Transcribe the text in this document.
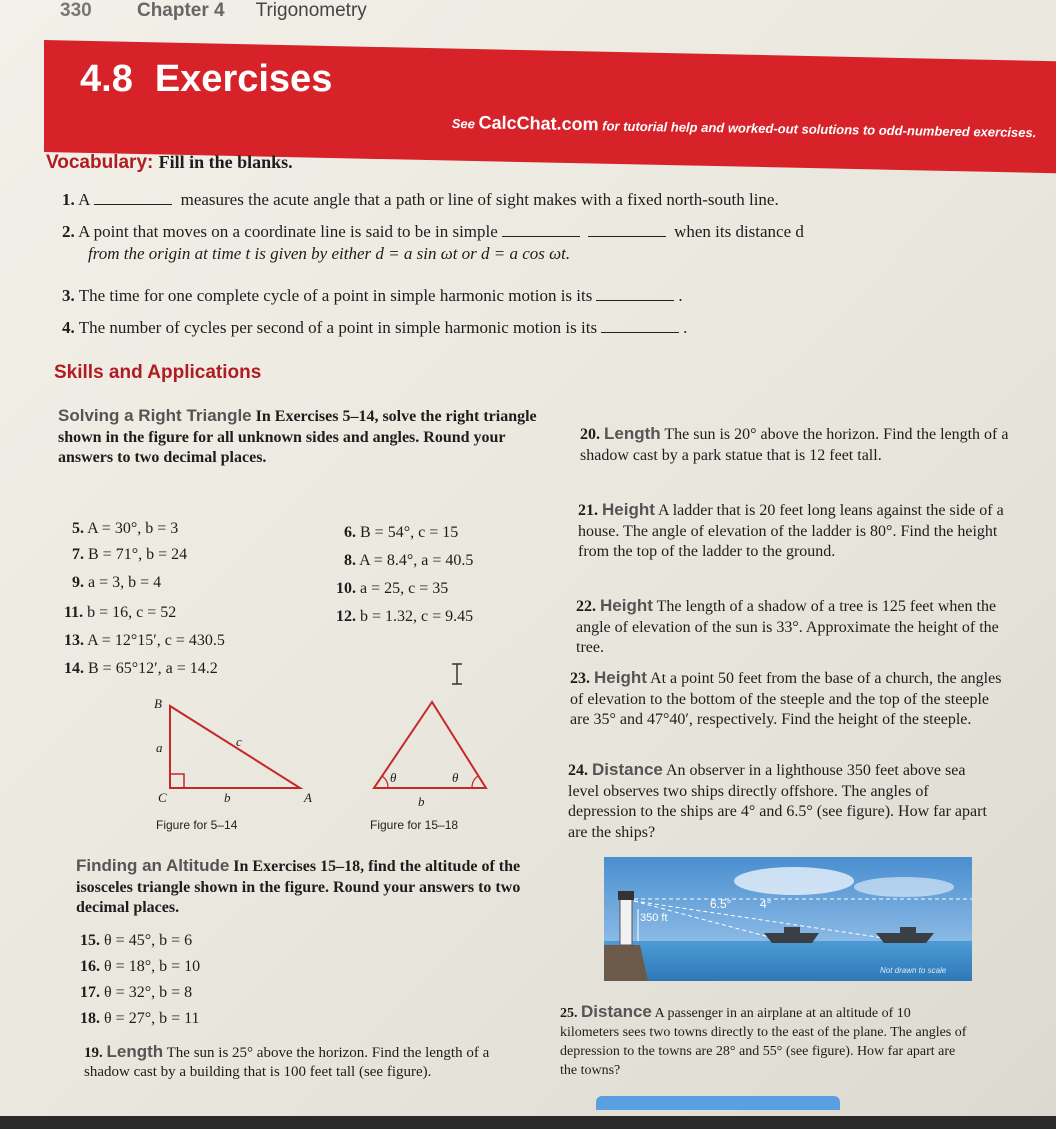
330 Chapter 4 Trigonometry
4.8 Exercises
See CalcChat.com for tutorial help and worked-out solutions to odd-numbered exercises.
Vocabulary: Fill in the blanks.
1. A	measures the acute angle that a path or line of sight makes with a fixed north-south line.
2. A point that moves on a coordinate line is said to be in simple	when its distance d
from the origin at time t is given by either d = a sin ωt or d = a cos ωt.
3. The time for one complete cycle of a point in simple harmonic motion is its	.
4. The number of cycles per second of a point in simple harmonic motion is its	.
Skills and Applications
Solving a Right Triangle In Exercises 5–14, solve the right triangle shown in the figure for all unknown sides and angles. Round your answers to two decimal places.
5. A = 30°, b = 3
7. B = 71°, b = 24
9. a = 3, b = 4
11. b = 16, c = 52
13. A = 12°15′, c = 430.5
14. B = 65°12′, a = 14.2
6. B = 54°, c = 15
8. A = 8.4°, a = 40.5
10. a = 25, c = 35
12. b = 1.32, c = 9.45
B
a	c
C	b	A
Figure for 5–14
θ	θ
b
Figure for 15–18
Finding an Altitude In Exercises 15–18, find the altitude of the isosceles triangle shown in the figure. Round your answers to two decimal places.
15. θ = 45°, b = 6
16. θ = 18°, b = 10
17. θ = 32°, b = 8
18. θ = 27°, b = 11
19. Length The sun is 25° above the horizon. Find the length of a shadow cast by a building that is 100 feet tall (see figure).
20. Length The sun is 20° above the horizon. Find the length of a shadow cast by a park statue that is 12 feet tall.
21. Height A ladder that is 20 feet long leans against the side of a house. The angle of elevation of the ladder is 80°. Find the height from the top of the ladder to the ground.
22. Height The length of a shadow of a tree is 125 feet when the angle of elevation of the sun is 33°. Approximate the height of the tree.
23. Height At a point 50 feet from the base of a church, the angles of elevation to the bottom of the steeple and the top of the steeple are 35° and 47°40′, respectively. Find the height of the steeple.
24. Distance An observer in a lighthouse 350 feet above sea level observes two ships directly offshore. The angles of depression to the ships are 4° and 6.5° (see figure). How far apart are the ships?
350 ft
6.5° 4°
Not drawn to scale
25. Distance A passenger in an airplane at an altitude of 10 kilometers sees two towns directly to the east of the plane. The angles of depression to the towns are 28° and 55° (see figure). How far apart are the towns?
